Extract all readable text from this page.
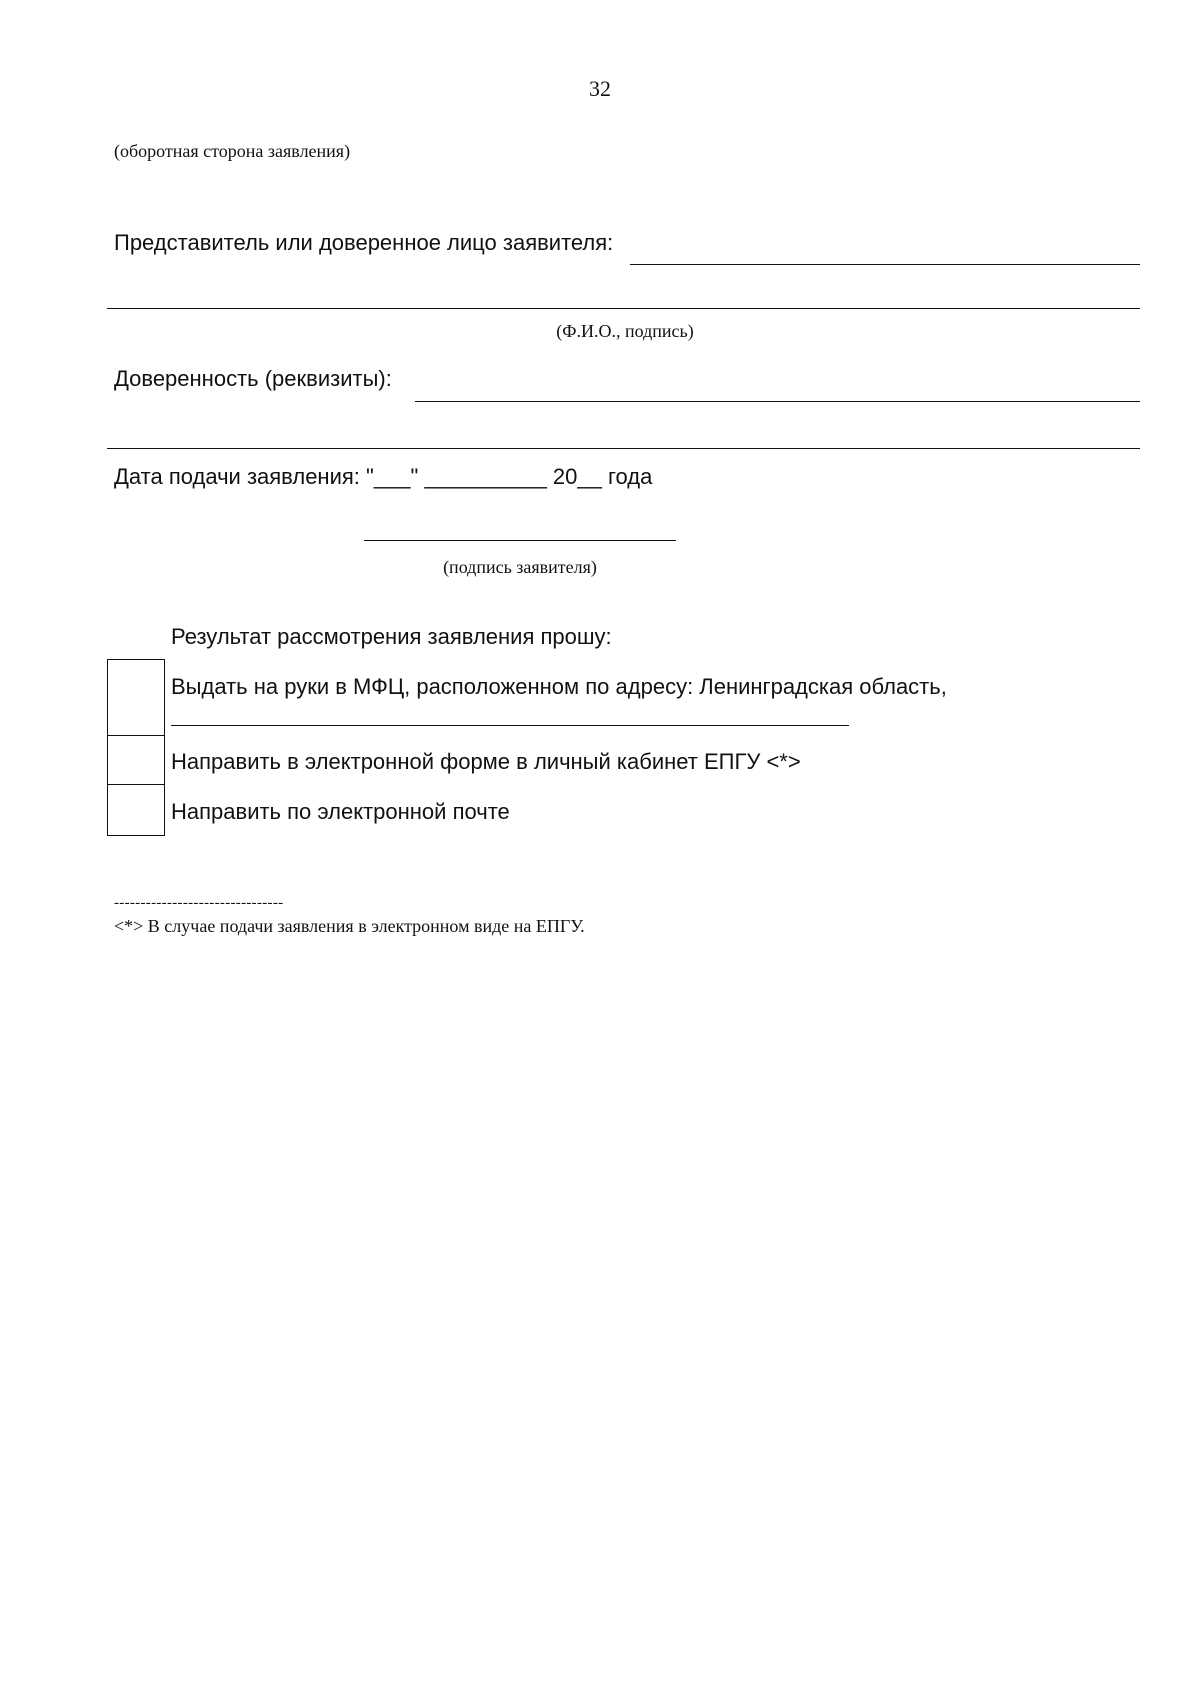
32
(оборотная сторона заявления)
Представитель или доверенное лицо заявителя:
(Ф.И.О., подпись)
Доверенность (реквизиты):
Дата подачи заявления: "___" __________ 20__ года
(подпись заявителя)
Результат рассмотрения заявления прошу:
Выдать на руки в МФЦ, расположенном по адресу: Ленинградская область,
Направить в электронной форме в личный кабинет ЕПГУ <*>
Направить по электронной почте
--------------------------------
<*> В случае подачи заявления в электронном виде на ЕПГУ.
